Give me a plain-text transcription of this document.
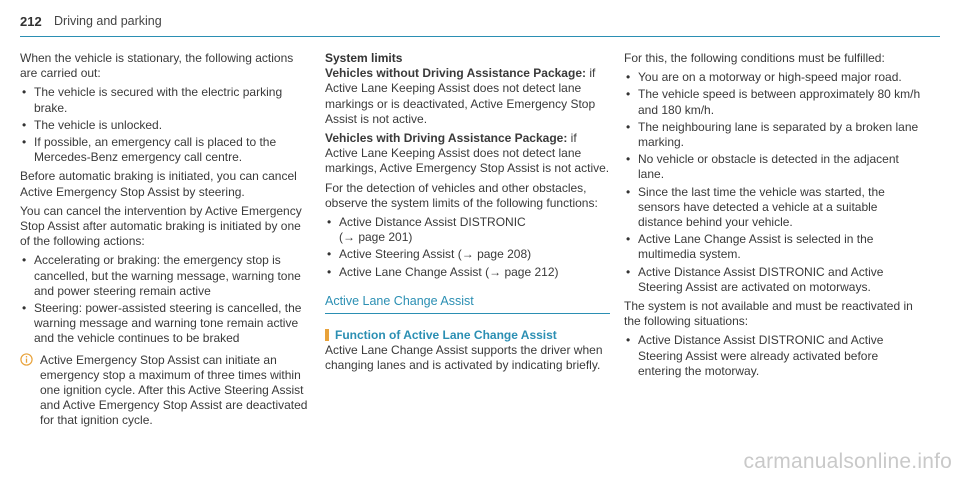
212 Driving and parking

When the vehicle is stationary, the following actions are carried out:

• The vehicle is secured with the electric parking brake.
• The vehicle is unlocked.
• If possible, an emergency call is placed to the Mercedes-Benz emergency call centre.

Before automatic braking is initiated, you can cancel Active Emergency Stop Assist by steering.

You can cancel the intervention by Active Emergency Stop Assist after automatic braking is initiated by one of the following actions:

• Accelerating or braking: the emergency stop is cancelled, but the warning message, warning tone and power steering remain active
• Steering: power-assisted steering is cancelled, the warning message and warning tone remain active and the vehicle continues to be braked
Active Emergency Stop Assist can initiate an emergency stop a maximum of three times within one ignition cycle. After this Active Steering Assist and Active Emergency Stop Assist are deactivated for that ignition cycle.
System limits

Vehicles without Driving Assistance Package: if Active Lane Keeping Assist does not detect lane markings or is deactivated, Active Emergency Stop Assist is not active.

Vehicles with Driving Assistance Package: if Active Lane Keeping Assist does not detect lane markings, Active Emergency Stop Assist is not active.

For the detection of vehicles and other obstacles, observe the system limits of the following functions:

• Active Distance Assist DISTRONIC
(→ page 201)
• Active Steering Assist (→ page 208)
• Active Lane Change Assist (→ page 212)
Active Lane Change Assist
Function of Active Lane Change Assist

Active Lane Change Assist supports the driver when changing lanes and is activated by indicating briefly.

For this, the following conditions must be fulfilled:

• You are on a motorway or high-speed major road.
• The vehicle speed is between approximately 80 km/h and 180 km/h.
• The neighbouring lane is separated by a broken lane marking.
• No vehicle or obstacle is detected in the adjacent lane.
• Since the last time the vehicle was started, the sensors have detected a vehicle at a suitable distance behind your vehicle.
• Active Lane Change Assist is selected in the multimedia system.
• Active Distance Assist DISTRONIC and Active Steering Assist are activated on motorways.

The system is not available and must be reactivated in the following situations:

• Active Distance Assist DISTRONIC and Active Steering Assist were already activated before entering the motorway.
carmanualsonline.info
